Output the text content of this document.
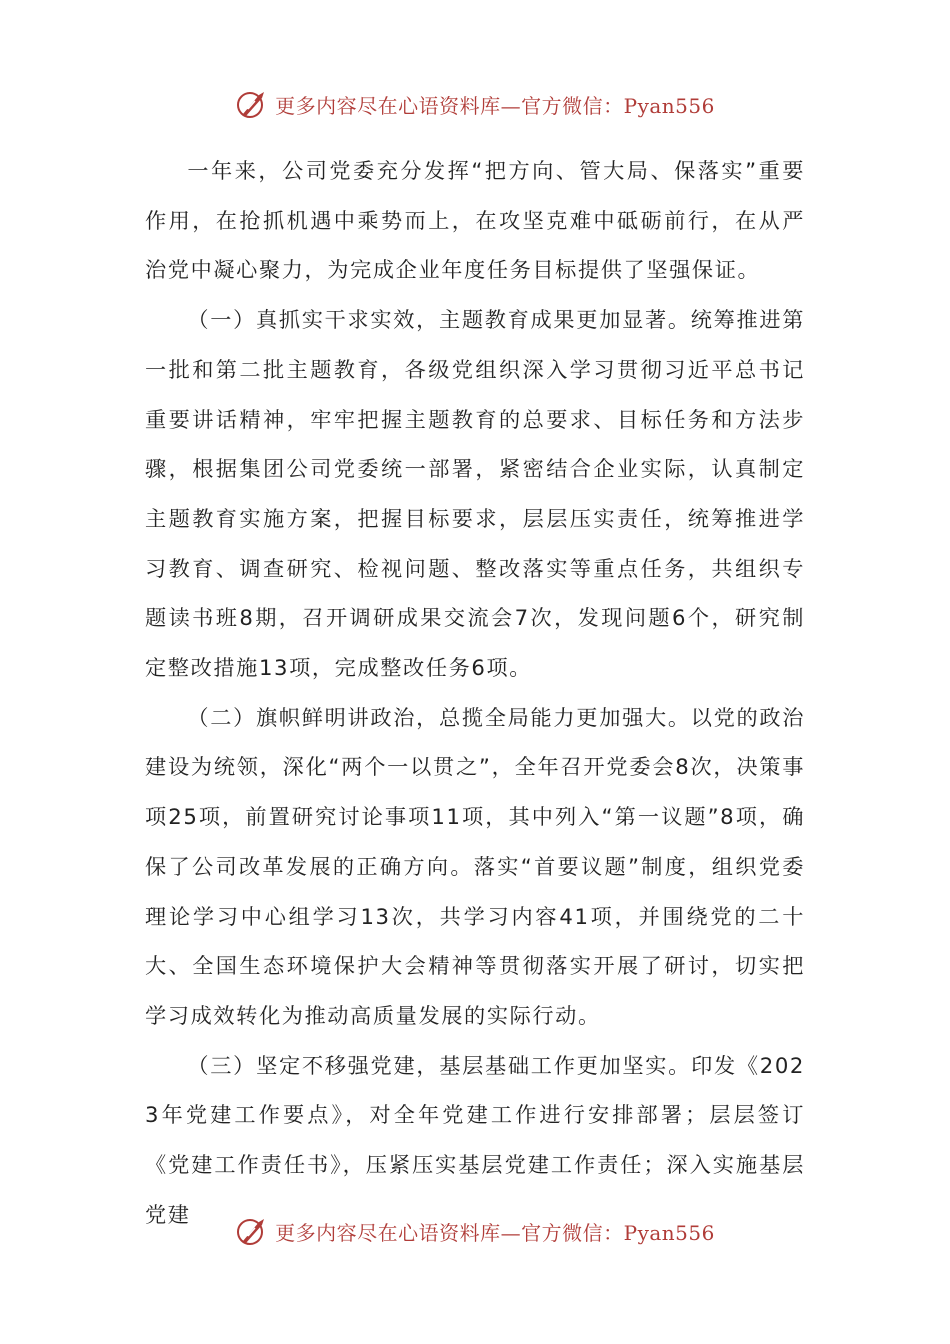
更多内容尽在心语资料库—官方微信：Pyan556

一年来，公司党委充分发挥“把方向、管大局、保落实”重要作用，在抢抓机遇中乘势而上，在攻坚克难中砥砺前行，在从严治党中凝心聚力，为完成企业年度任务目标提供了坚强保证。

（一）真抓实干求实效，主题教育成果更加显著。统筹推进第一批和第二批主题教育，各级党组织深入学习贯彻习近平总书记重要讲话精神，牢牢把握主题教育的总要求、目标任务和方法步骤，根据集团公司党委统一部署，紧密结合企业实际，认真制定主题教育实施方案，把握目标要求，层层压实责任，统筹推进学习教育、调查研究、检视问题、整改落实等重点任务，共组织专题读书班8期，召开调研成果交流会7次，发现问题6个，研究制定整改措施13项，完成整改任务6项。

（二）旗帜鲜明讲政治，总揽全局能力更加强大。以党的政治建设为统领，深化“两个一以贯之”，全年召开党委会8次，决策事项25项，前置研究讨论事项11项，其中列入“第一议题”8项，确保了公司改革发展的正确方向。落实“首要议题”制度，组织党委理论学习中心组学习13次，共学习内容41项，并围绕党的二十大、全国生态环境保护大会精神等贯彻落实开展了研讨，切实把学习成效转化为推动高质量发展的实际行动。

（三）坚定不移强党建，基层基础工作更加坚实。印发《2023年党建工作要点》，对全年党建工作进行安排部署；层层签订《党建工作责任书》，压紧压实基层党建工作责任；深入实施基层党建

更多内容尽在心语资料库—官方微信：Pyan556
